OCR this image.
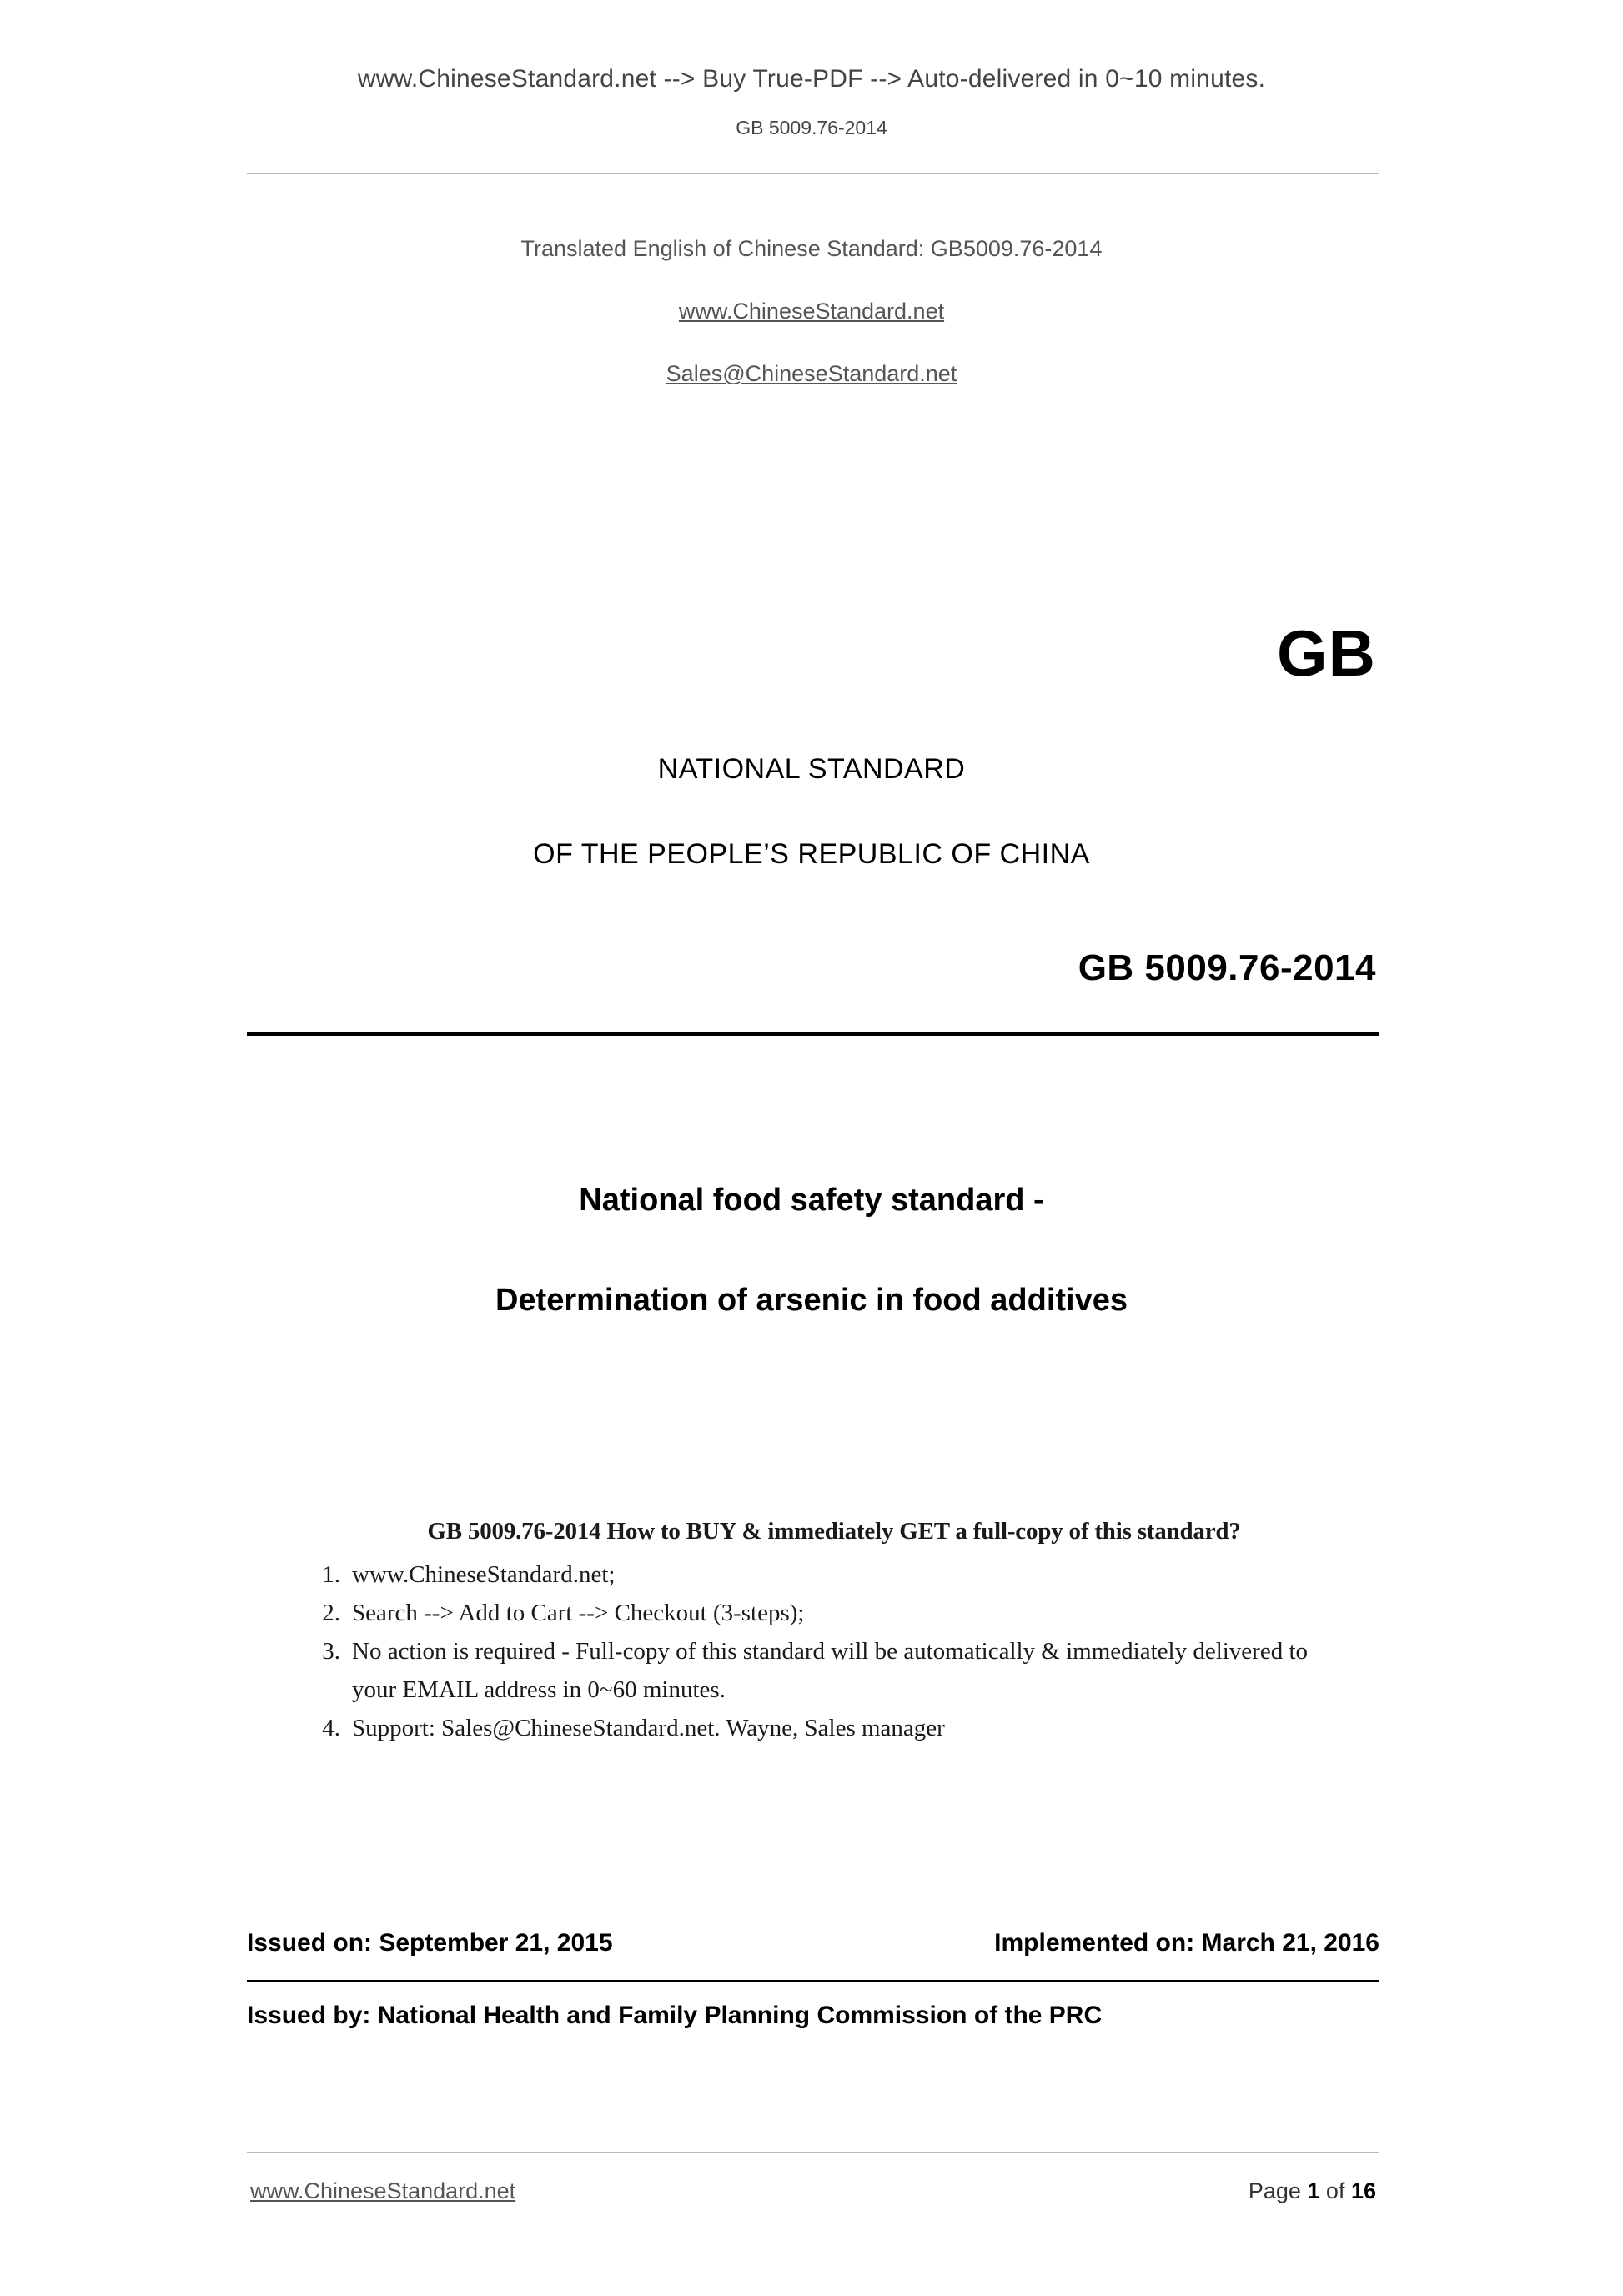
www.ChineseStandard.net --> Buy True-PDF --> Auto-delivered in 0~10 minutes.
GB 5009.76-2014
Translated English of Chinese Standard: GB5009.76-2014
www.ChineseStandard.net
Sales@ChineseStandard.net
GB
NATIONAL STANDARD
OF THE PEOPLE’S REPUBLIC OF CHINA
GB 5009.76-2014
National food safety standard -
Determination of arsenic in food additives

GB 5009.76-2014 How to BUY & immediately GET a full-copy of this standard?

1. www.ChineseStandard.net;
2. Search --> Add to Cart --> Checkout (3-steps);
3. No action is required - Full-copy of this standard will be automatically & immediately delivered to your EMAIL address in 0~60 minutes.
4. Support: Sales@ChineseStandard.net. Wayne, Sales manager
Issued on: September 21, 2015	Implemented on: March 21, 2016
Issued by: National Health and Family Planning Commission of the PRC
www.ChineseStandard.net	Page 1 of 16
